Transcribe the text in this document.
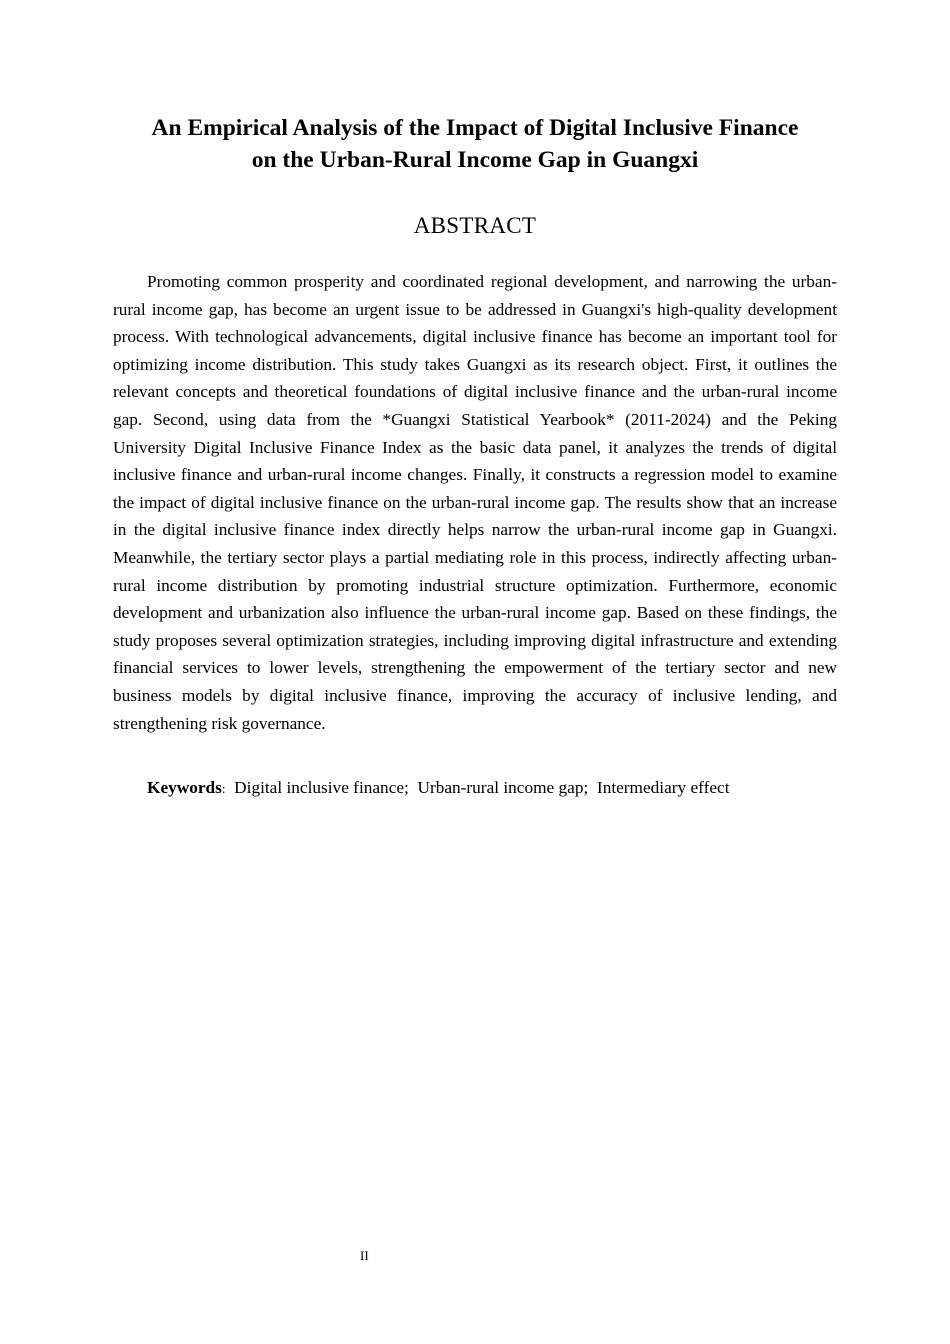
An Empirical Analysis of the Impact of Digital Inclusive Finance
on the Urban-Rural Income Gap in Guangxi
ABSTRACT

Promoting common prosperity and coordinated regional development, and narrowing the urban-rural income gap, has become an urgent issue to be addressed in Guangxi's high-quality development process. With technological advancements, digital inclusive finance has become an important tool for optimizing income distribution. This study takes Guangxi as its research object. First, it outlines the relevant concepts and theoretical foundations of digital inclusive finance and the urban-rural income gap. Second, using data from the *Guangxi Statistical Yearbook* (2011-2024) and the Peking University Digital Inclusive Finance Index as the basic data panel, it analyzes the trends of digital inclusive finance and urban-rural income changes. Finally, it constructs a regression model to examine the impact of digital inclusive finance on the urban-rural income gap. The results show that an increase in the digital inclusive finance index directly helps narrow the urban-rural income gap in Guangxi. Meanwhile, the tertiary sector plays a partial mediating role in this process, indirectly affecting urban-rural income distribution by promoting industrial structure optimization. Furthermore, economic development and urbanization also influence the urban-rural income gap. Based on these findings, the study proposes several optimization strategies, including improving digital infrastructure and extending financial services to lower levels, strengthening the empowerment of the tertiary sector and new business models by digital inclusive finance, improving the accuracy of inclusive lending, and strengthening risk governance.

Keywords:  Digital inclusive finance;  Urban-rural income gap;  Intermediary effect

II
